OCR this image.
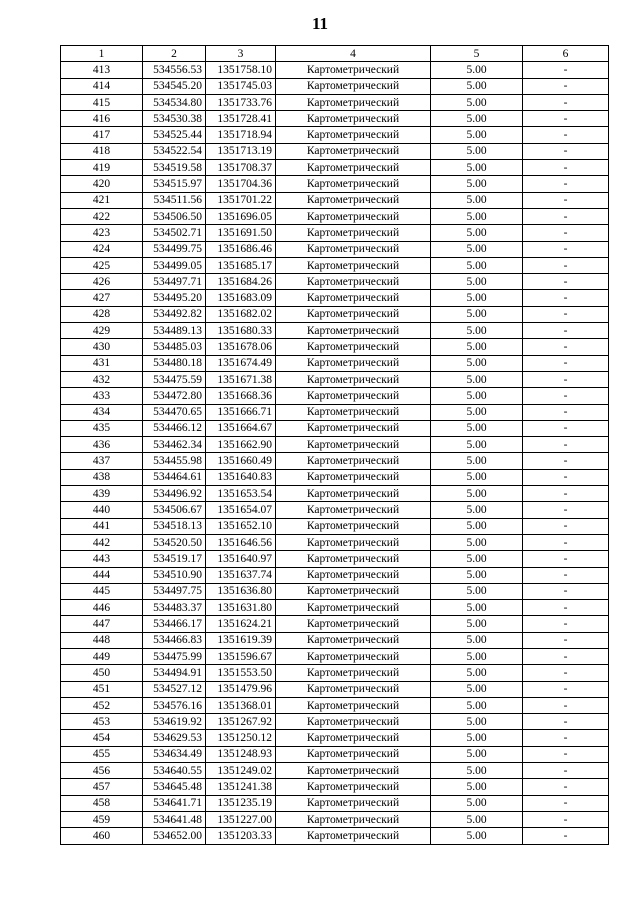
11
1	2	3	4	5	6
413	534556.53	1351758.10	Картометрический	5.00	-
414	534545.20	1351745.03	Картометрический	5.00	-
415	534534.80	1351733.76	Картометрический	5.00	-
416	534530.38	1351728.41	Картометрический	5.00	-
417	534525.44	1351718.94	Картометрический	5.00	-
418	534522.54	1351713.19	Картометрический	5.00	-
419	534519.58	1351708.37	Картометрический	5.00	-
420	534515.97	1351704.36	Картометрический	5.00	-
421	534511.56	1351701.22	Картометрический	5.00	-
422	534506.50	1351696.05	Картометрический	5.00	-
423	534502.71	1351691.50	Картометрический	5.00	-
424	534499.75	1351686.46	Картометрический	5.00	-
425	534499.05	1351685.17	Картометрический	5.00	-
426	534497.71	1351684.26	Картометрический	5.00	-
427	534495.20	1351683.09	Картометрический	5.00	-
428	534492.82	1351682.02	Картометрический	5.00	-
429	534489.13	1351680.33	Картометрический	5.00	-
430	534485.03	1351678.06	Картометрический	5.00	-
431	534480.18	1351674.49	Картометрический	5.00	-
432	534475.59	1351671.38	Картометрический	5.00	-
433	534472.80	1351668.36	Картометрический	5.00	-
434	534470.65	1351666.71	Картометрический	5.00	-
435	534466.12	1351664.67	Картометрический	5.00	-
436	534462.34	1351662.90	Картометрический	5.00	-
437	534455.98	1351660.49	Картометрический	5.00	-
438	534464.61	1351640.83	Картометрический	5.00	-
439	534496.92	1351653.54	Картометрический	5.00	-
440	534506.67	1351654.07	Картометрический	5.00	-
441	534518.13	1351652.10	Картометрический	5.00	-
442	534520.50	1351646.56	Картометрический	5.00	-
443	534519.17	1351640.97	Картометрический	5.00	-
444	534510.90	1351637.74	Картометрический	5.00	-
445	534497.75	1351636.80	Картометрический	5.00	-
446	534483.37	1351631.80	Картометрический	5.00	-
447	534466.17	1351624.21	Картометрический	5.00	-
448	534466.83	1351619.39	Картометрический	5.00	-
449	534475.99	1351596.67	Картометрический	5.00	-
450	534494.91	1351553.50	Картометрический	5.00	-
451	534527.12	1351479.96	Картометрический	5.00	-
452	534576.16	1351368.01	Картометрический	5.00	-
453	534619.92	1351267.92	Картометрический	5.00	-
454	534629.53	1351250.12	Картометрический	5.00	-
455	534634.49	1351248.93	Картометрический	5.00	-
456	534640.55	1351249.02	Картометрический	5.00	-
457	534645.48	1351241.38	Картометрический	5.00	-
458	534641.71	1351235.19	Картометрический	5.00	-
459	534641.48	1351227.00	Картометрический	5.00	-
460	534652.00	1351203.33	Картометрический	5.00	-
